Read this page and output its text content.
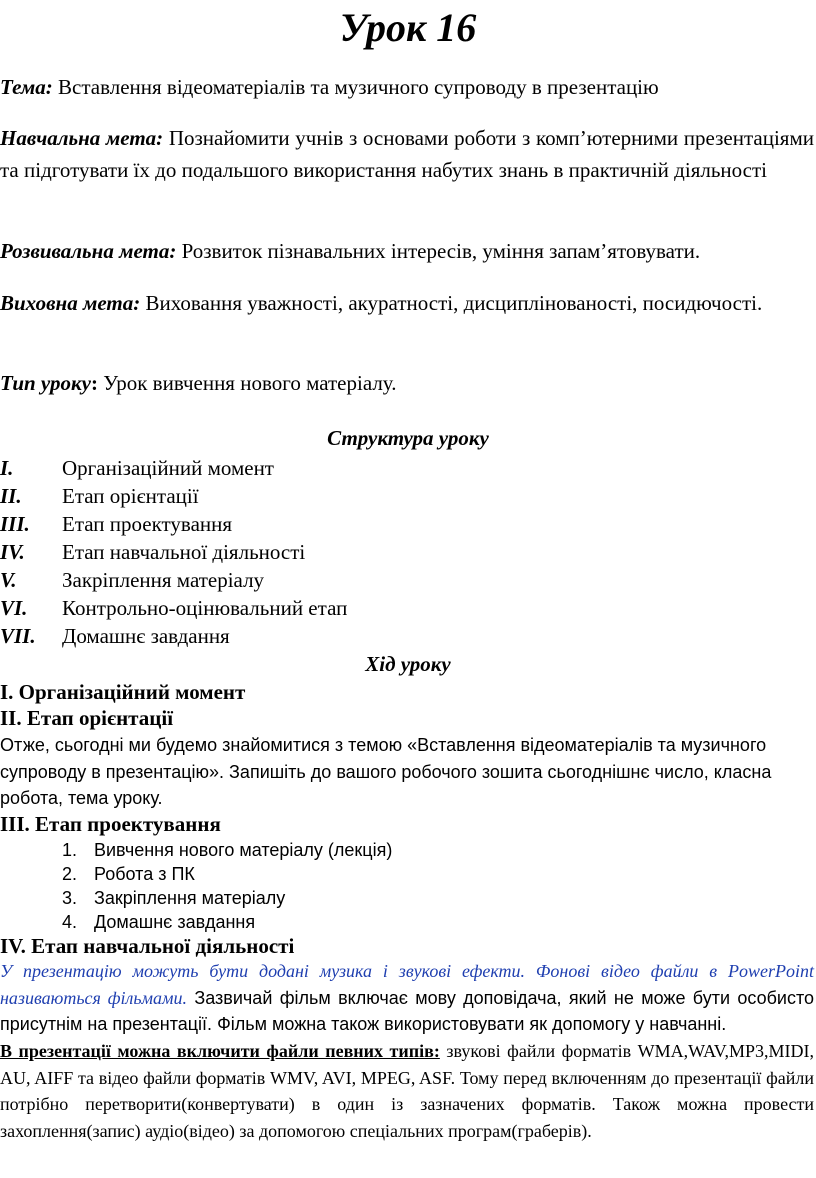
Урок 16

Тема: Вставлення відеоматеріалів та музичного супроводу в презентацію

Навчальна мета: Познайомити учнів з основами роботи з комп’ютерними презентаціями та підготувати їх до подальшого використання набутих знань в практичній діяльності

Розвивальна мета: Розвиток пізнавальних інтересів, уміння запам’ятовувати.

Виховна мета: Виховання уважності, акуратності, дисциплінованості, посидючості.

Тип уроку: Урок вивчення нового матеріалу.

Структура уроку
I. Організаційний момент
II. Етап орієнтації
III. Етап проектування
IV. Етап навчальної діяльності
V. Закріплення матеріалу
VI. Контрольно-оцінювальний етап
VII. Домашнє завдання
Хід уроку
I. Організаційний момент
II. Етап орієнтації

Отже, сьогодні ми будемо знайомитися з темою «Вставлення відеоматеріалів та музичного супроводу в презентацію». Запишіть до вашого робочого зошита сьогоднішнє число, класна робота, тема уроку.

III. Етап проектування
1. Вивчення нового матеріалу (лекція)
2. Робота з ПК
3. Закріплення матеріалу
4. Домашнє завдання
IV. Етап навчальної діяльності

У презентацію можуть бути додані музика і звукові ефекти. Фонові відео файли в PowerPoint називаються фільмами. Зазвичай фільм включає мову доповідача, який не може бути особисто присутнім на презентації. Фільм можна також використовувати як допомогу у навчанні.

В презентації можна включити файли певних типів: звукові файли форматів WMA,WAV,MP3,MIDI, AU, AIFF та відео файли форматів WMV, AVI, MPEG, ASF. Тому перед включенням до презентації файли потрібно перетворити(конвертувати) в один із зазначених форматів. Також можна провести захоплення(запис) аудіо(відео) за допомогою спеціальних програм(граберів).
